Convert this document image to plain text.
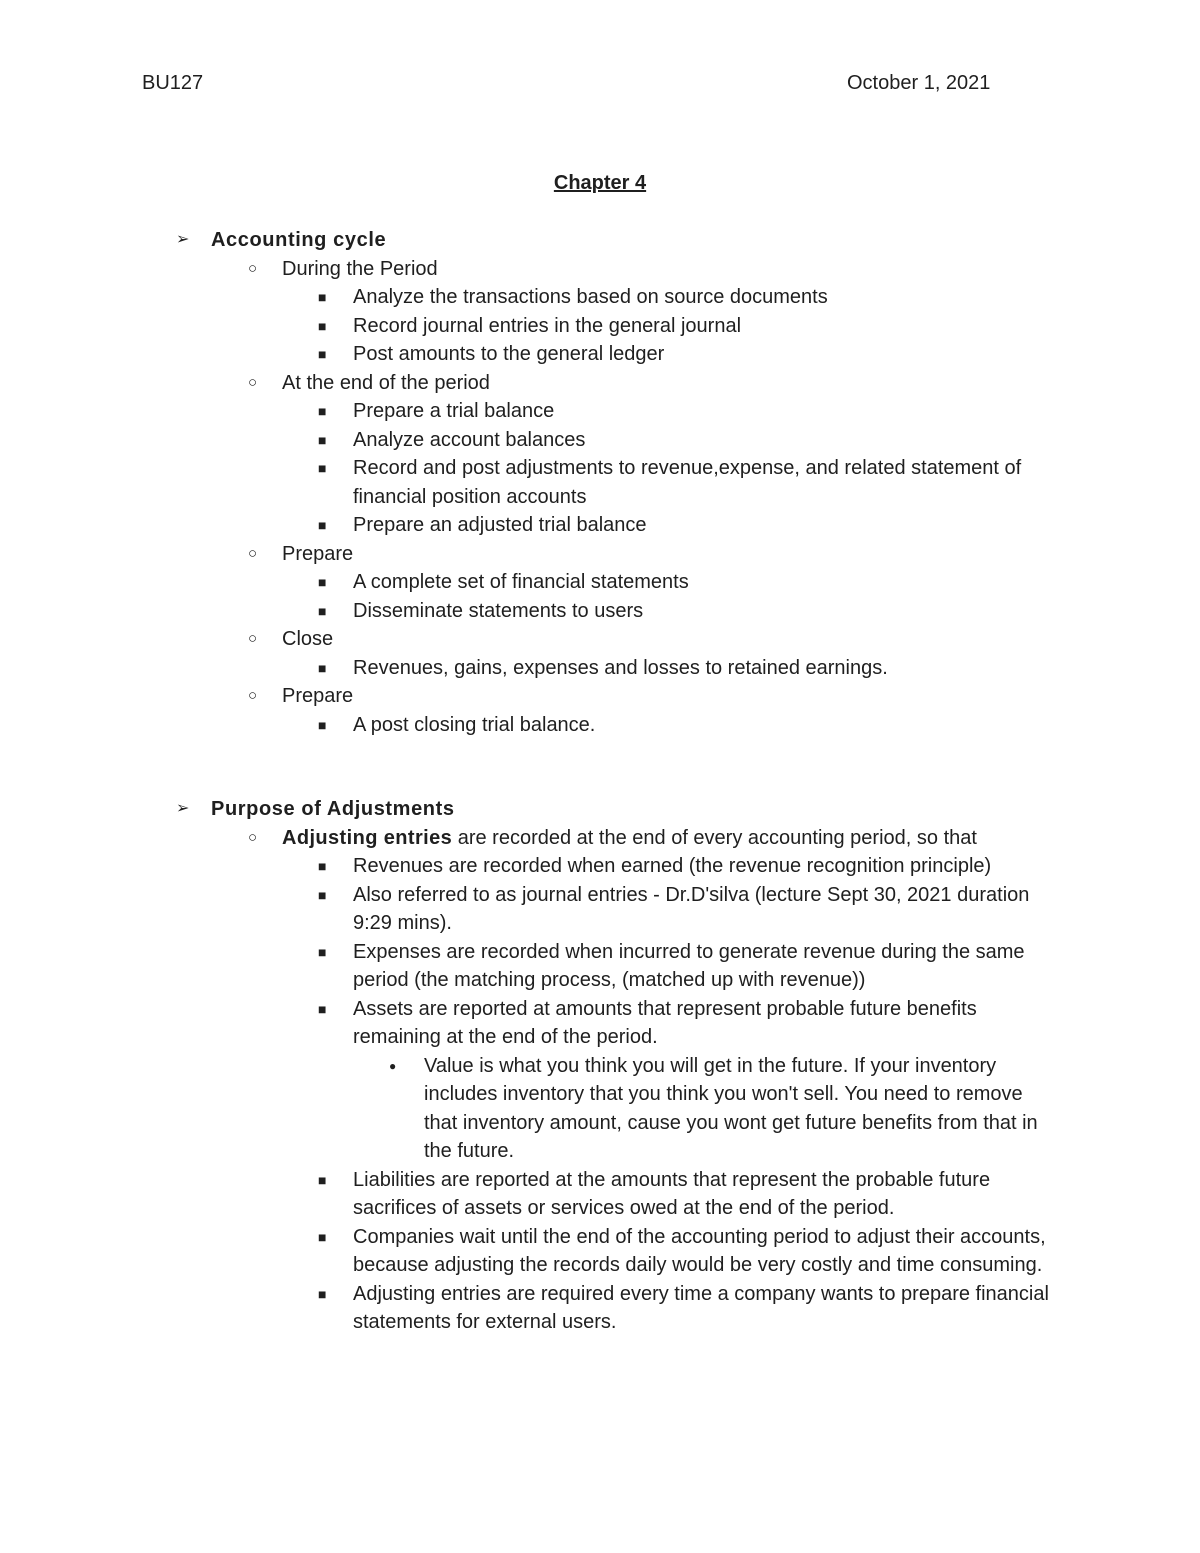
BU127	October 1, 2021
Chapter 4
➢ Accounting cycle
○ During the Period
■ Analyze the transactions based on source documents
■ Record journal entries in the general journal
■ Post amounts to the general ledger
○ At the end of the period
■ Prepare a trial balance
■ Analyze account balances
■ Record and post adjustments to revenue,expense, and related statement of financial position accounts
■ Prepare an adjusted trial balance
○ Prepare
■ A complete set of financial statements
■ Disseminate statements to users
○ Close
■ Revenues, gains, expenses and losses to retained earnings.
○ Prepare
■ A post closing trial balance.
➢ Purpose of Adjustments
○ Adjusting entries are recorded at the end of every accounting period, so that
■ Revenues are recorded when earned (the revenue recognition principle)
■ Also referred to as journal entries - Dr.D'silva (lecture Sept 30, 2021 duration 9:29 mins).
■ Expenses are recorded when incurred to generate revenue during the same period (the matching process, (matched up with revenue))
■ Assets are reported at amounts that represent probable future benefits remaining at the end of the period.
● Value is what you think you will get in the future. If your inventory includes inventory that you think you won't sell. You need to remove that inventory amount, cause you wont get future benefits from that in the future.
■ Liabilities are reported at the amounts that represent the probable future sacrifices of assets or services owed at the end of the period.
■ Companies wait until the end of the accounting period to adjust their accounts, because adjusting the records daily would be very costly and time consuming.
■ Adjusting entries are required every time a company wants to prepare financial statements for external users.
